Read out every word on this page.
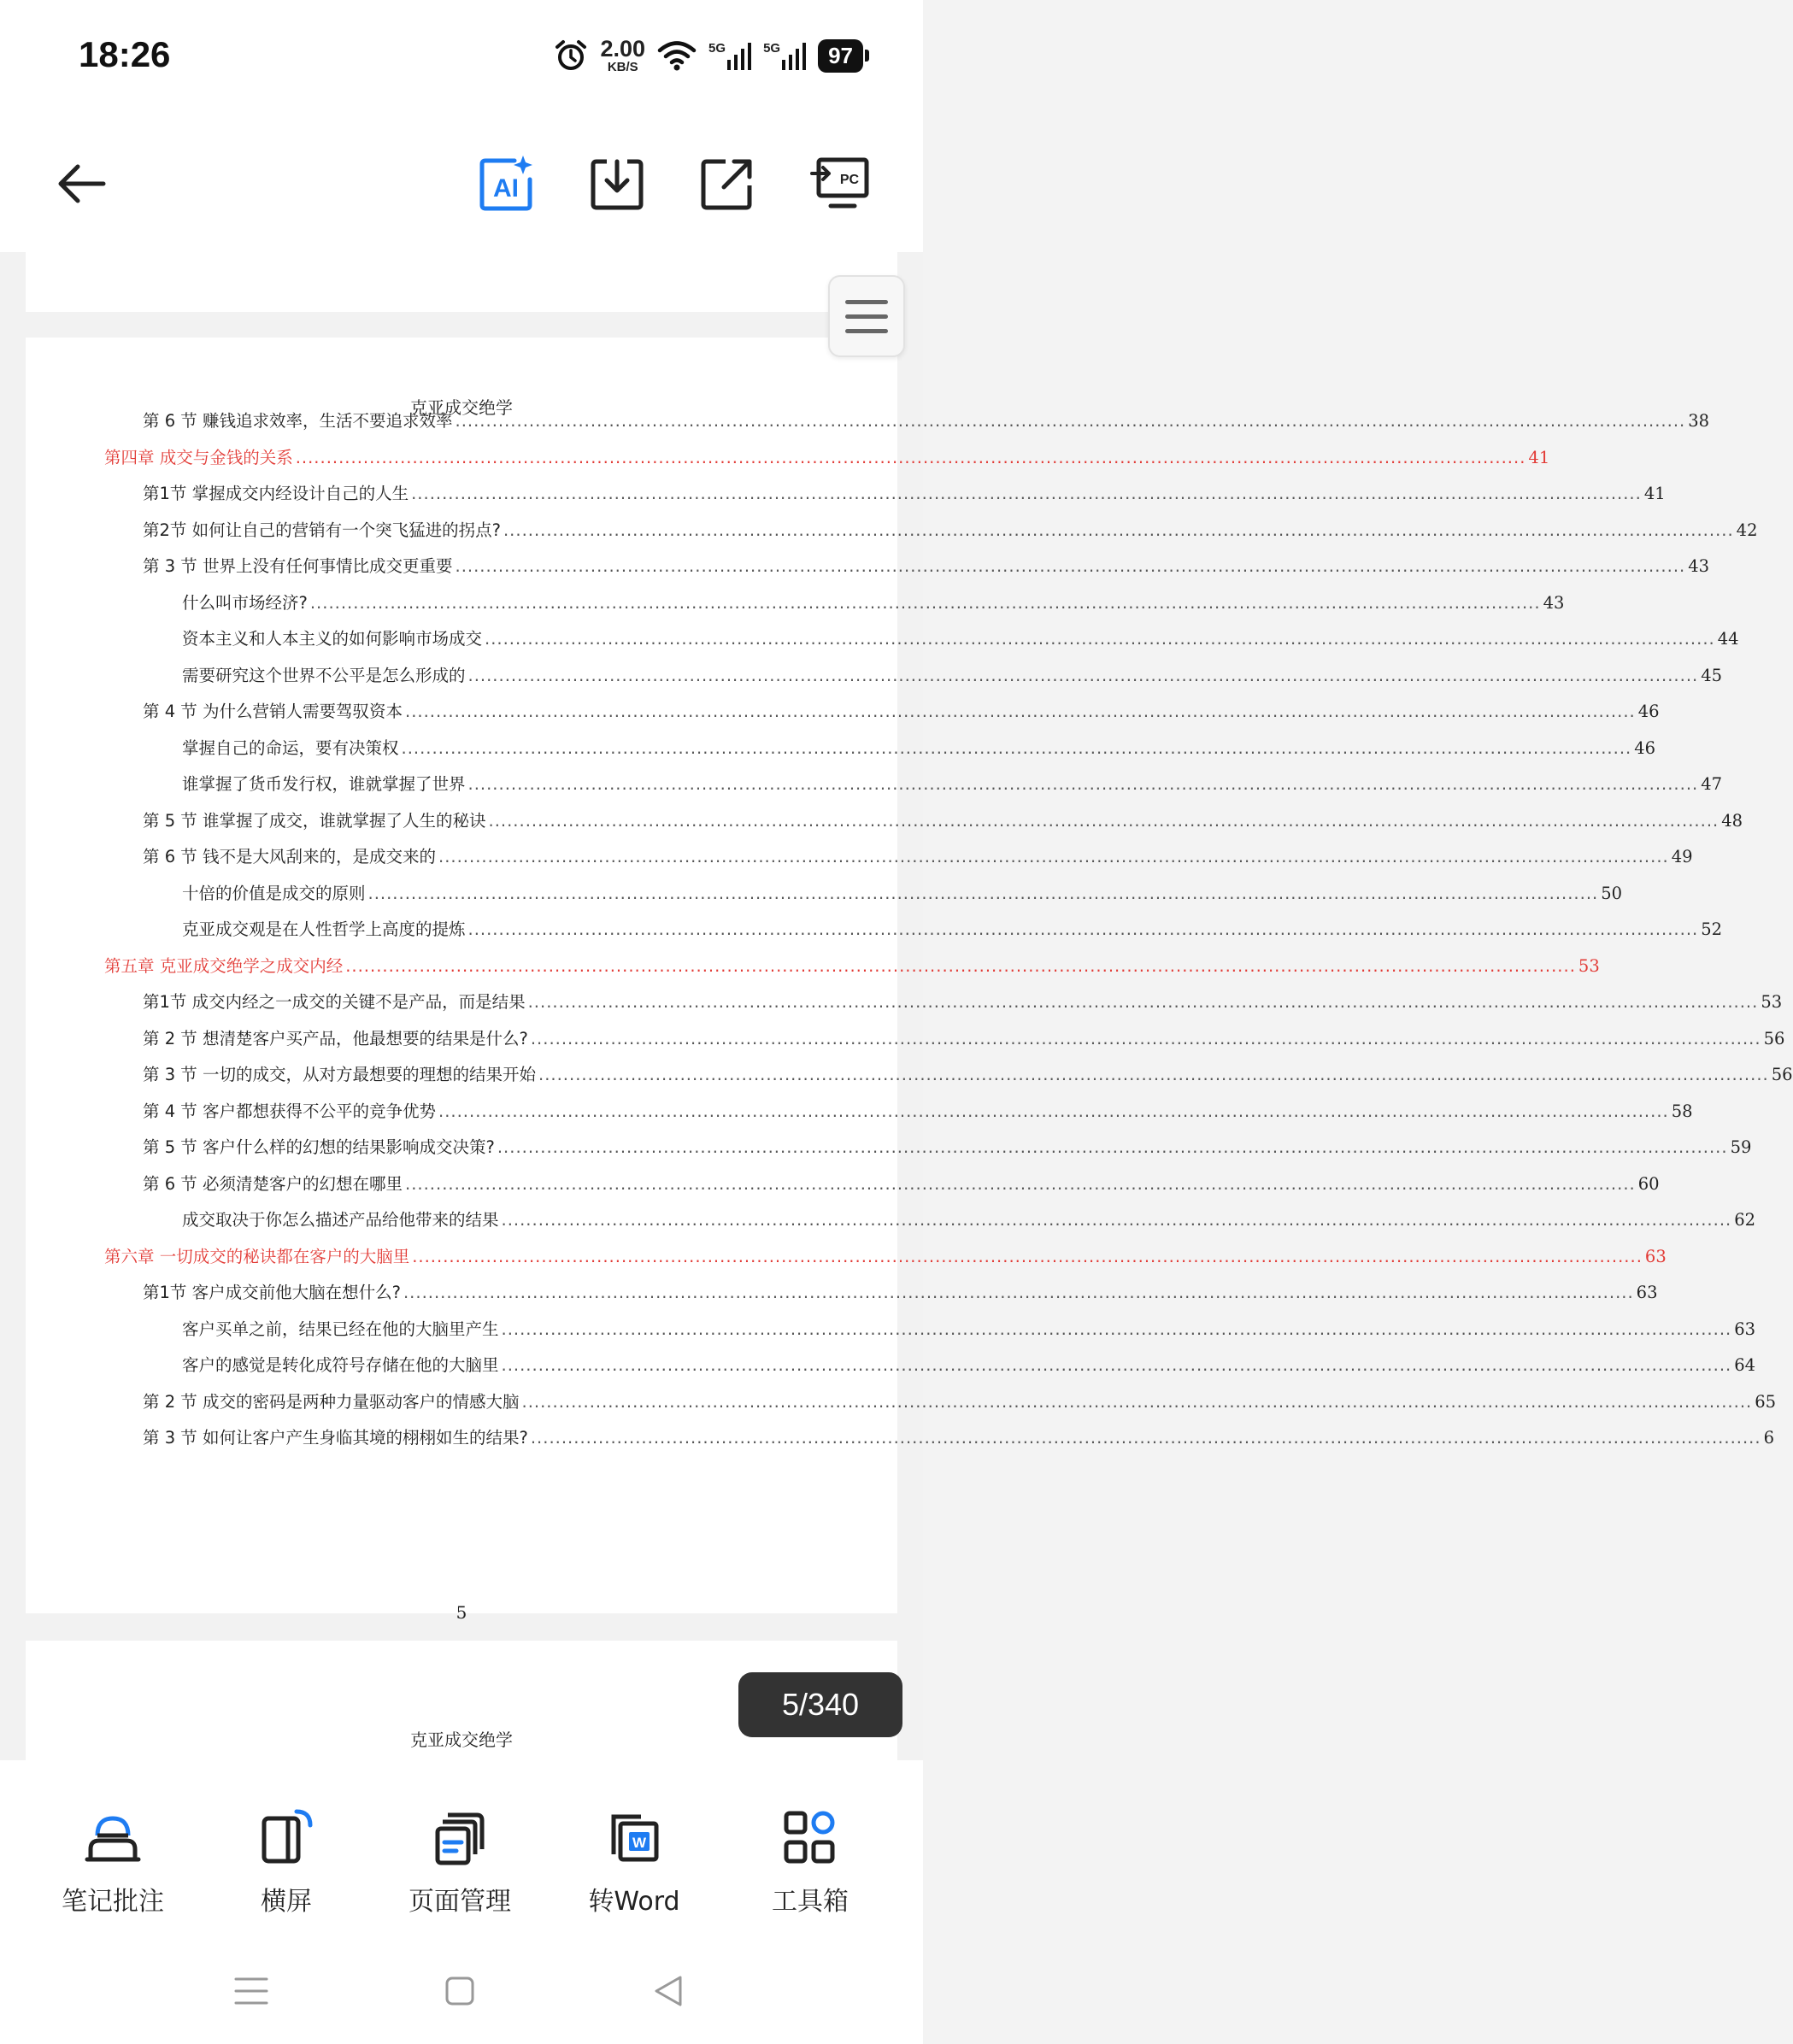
18:26	2.00
KB/S
5G	5G	97
AI	PC
克亚成交绝学
第 6 节 赚钱追求效率，生活不要追求效率 ........................................................................................................................................................................................................ 38
第四章 成交与金钱的关系 ........................................................................................................................................................................................................ 41
第1节 掌握成交内经设计自己的人生 ........................................................................................................................................................................................................ 41
第2节 如何让自己的营销有一个突飞猛进的拐点? ........................................................................................................................................................................................................ 42
第 3 节 世界上没有任何事情比成交更重要 ........................................................................................................................................................................................................ 43
什么叫市场经济? ........................................................................................................................................................................................................ 43
资本主义和人本主义的如何影响市场成交 ........................................................................................................................................................................................................ 44
需要研究这个世界不公平是怎么形成的 ........................................................................................................................................................................................................ 45
第 4 节 为什么营销人需要驾驭资本 ........................................................................................................................................................................................................ 46
掌握自己的命运，要有决策权 ........................................................................................................................................................................................................ 46
谁掌握了货币发行权，谁就掌握了世界 ........................................................................................................................................................................................................ 47
第 5 节 谁掌握了成交，谁就掌握了人生的秘诀 ........................................................................................................................................................................................................ 48
第 6 节 钱不是大风刮来的，是成交来的 ........................................................................................................................................................................................................ 49
十倍的价值是成交的原则 ........................................................................................................................................................................................................ 50
克亚成交观是在人性哲学上高度的提炼 ........................................................................................................................................................................................................ 52
第五章 克亚成交绝学之成交内经 ........................................................................................................................................................................................................ 53
第1节 成交内经之一成交的关键不是产品，而是结果 ........................................................................................................................................................................................................ 53
第 2 节 想清楚客户买产品，他最想要的结果是什么? ........................................................................................................................................................................................................ 56
第 3 节 一切的成交，从对方最想要的理想的结果开始 ........................................................................................................................................................................................................ 56
第 4 节 客户都想获得不公平的竞争优势 ........................................................................................................................................................................................................ 58
第 5 节 客户什么样的幻想的结果影响成交决策? ........................................................................................................................................................................................................ 59
第 6 节 必须清楚客户的幻想在哪里 ........................................................................................................................................................................................................ 60
成交取决于你怎么描述产品给他带来的结果 ........................................................................................................................................................................................................ 62
第六章 一切成交的秘诀都在客户的大脑里 ........................................................................................................................................................................................................ 63
第1节 客户成交前他大脑在想什么? ........................................................................................................................................................................................................ 63
客户买单之前，结果已经在他的大脑里产生 ........................................................................................................................................................................................................ 63
客户的感觉是转化成符号存储在他的大脑里 ........................................................................................................................................................................................................ 64
第 2 节 成交的密码是两种力量驱动客户的情感大脑 ........................................................................................................................................................................................................ 65
第 3 节 如何让客户产生身临其境的栩栩如生的结果? ........................................................................................................................................................................................................ 6
5
克亚成交绝学
5/340
笔记批注	横屏	页面管理
W
转Word	工具箱
